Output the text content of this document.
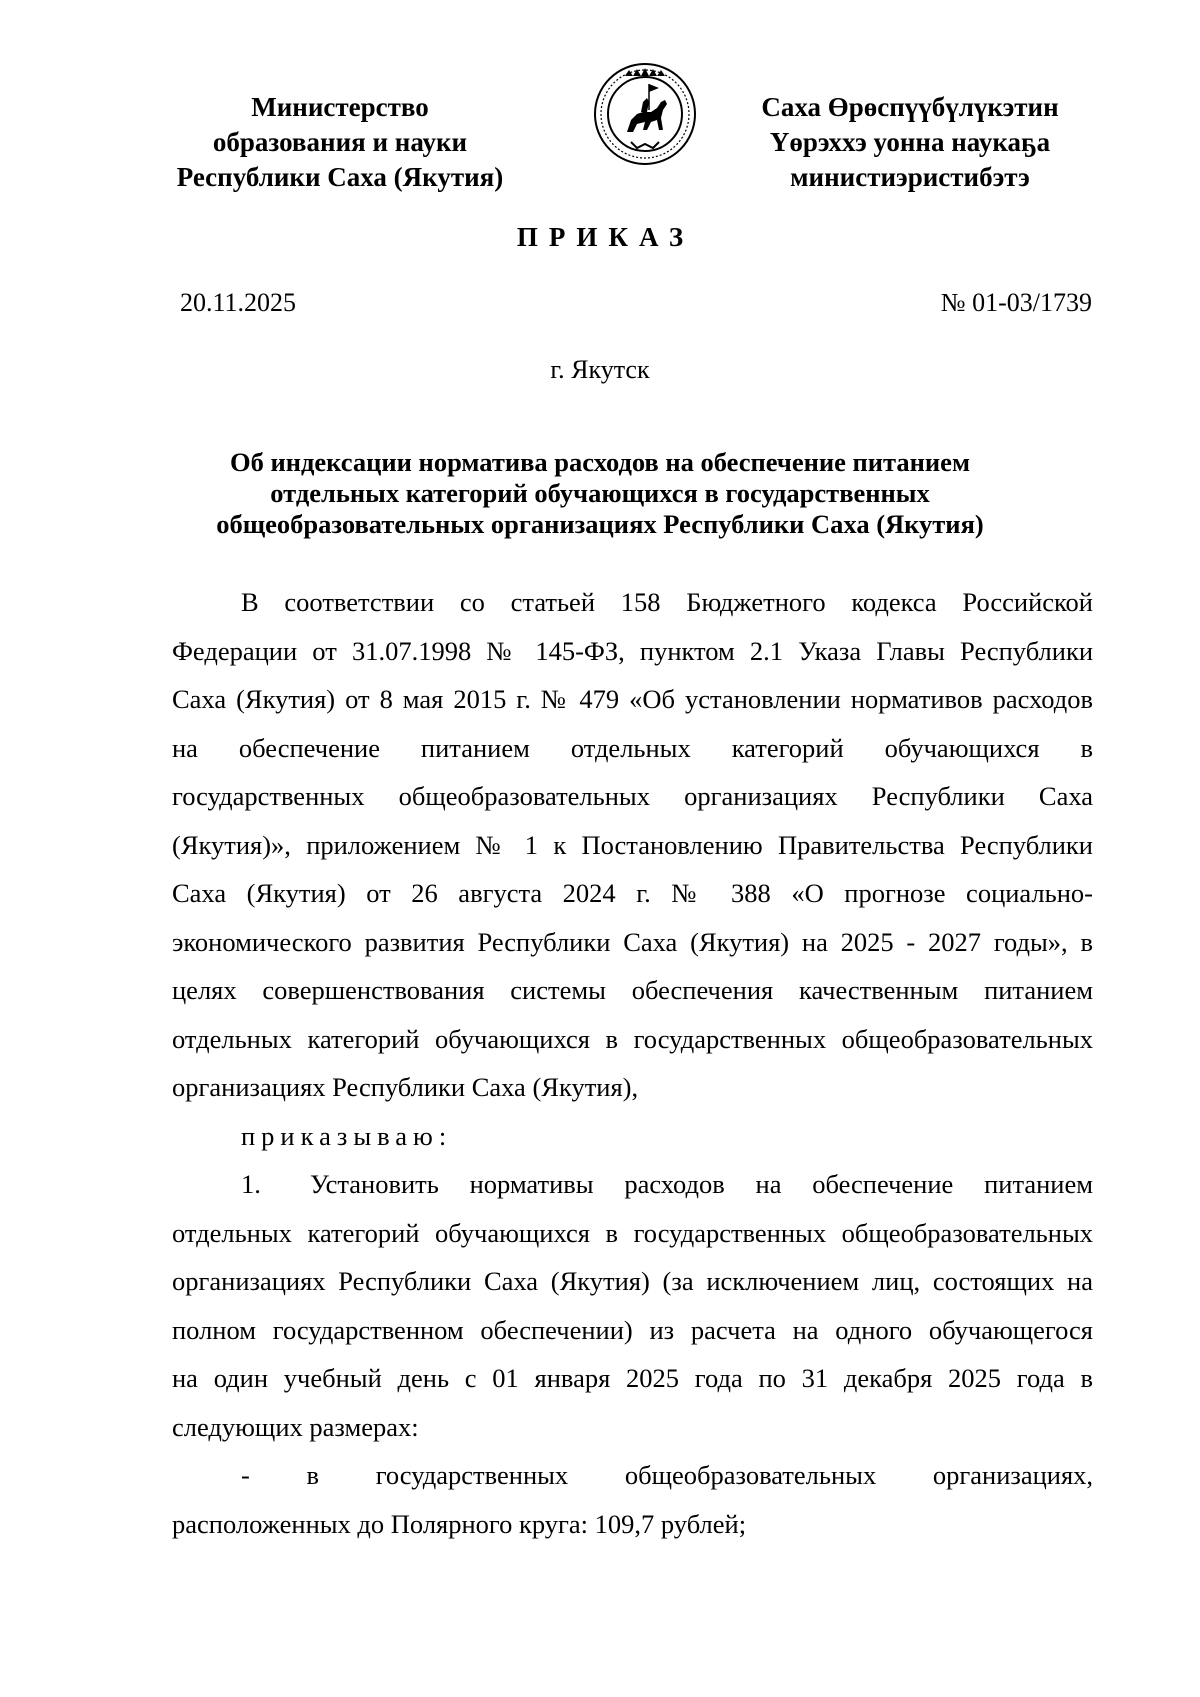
Министерство
образования и науки
Республики Саха (Якутия)
Саха Өрөспүүбүлүкэтин
Үөрэххэ уонна наукаҕа
министиэристибэтэ
ПРИКАЗ
20.11.2025	№ 01-03/1739
г. Якутск
Об индексации норматива расходов на обеспечение питанием
отдельных категорий обучающихся в государственных
общеобразовательных организациях Республики Саха (Якутия)
В соответствии со статьей 158 Бюджетного кодекса Российской
Федерации от 31.07.1998 № 145-ФЗ, пунктом 2.1 Указа Главы Республики
Саха (Якутия) от 8 мая 2015 г. № 479 «Об установлении нормативов расходов
на обеспечение питанием отдельных категорий обучающихся в
государственных общеобразовательных организациях Республики Саха
(Якутия)», приложением № 1 к Постановлению Правительства Республики
Саха (Якутия) от 26 августа 2024 г. № 388 «О прогнозе социально-
экономического развития Республики Саха (Якутия) на 2025 - 2027 годы», в
целях совершенствования системы обеспечения качественным питанием
отдельных категорий обучающихся в государственных общеобразовательных
организациях Республики Саха (Якутия),
приказываю:
1. Установить нормативы расходов на обеспечение питанием
отдельных категорий обучающихся в государственных общеобразовательных
организациях Республики Саха (Якутия) (за исключением лиц, состоящих на
полном государственном обеспечении) из расчета на одного обучающегося
на один учебный день с 01 января 2025 года по 31 декабря 2025 года в
следующих размерах:
- в государственных общеобразовательных организациях,
расположенных до Полярного круга: 109,7 рублей;
